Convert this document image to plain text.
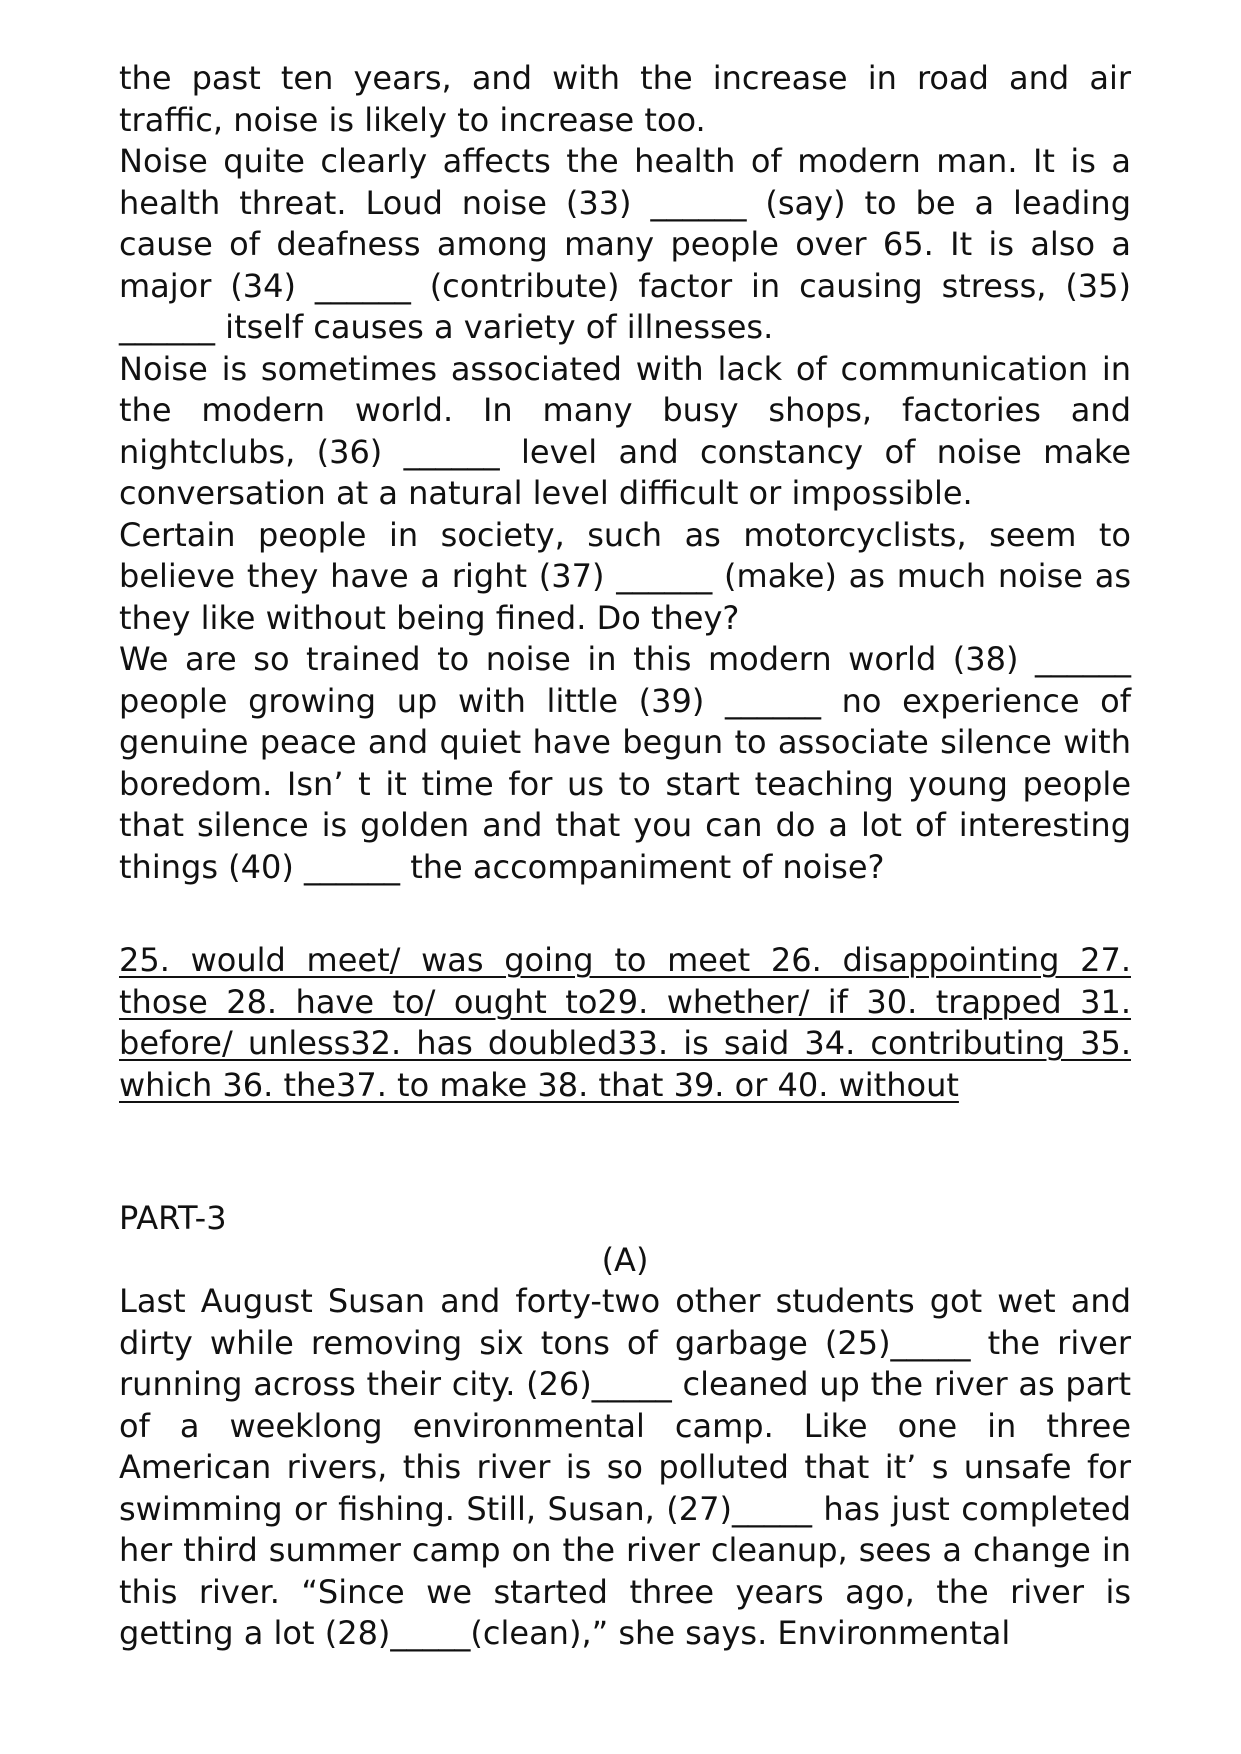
the past ten years, and with the increase in road and air traffic, noise is likely to increase too.

Noise quite clearly affects the health of modern man. It is a health threat. Loud noise (33) ______ (say) to be a leading cause of deafness among many people over 65. It is also a major (34) ______ (contribute) factor in causing stress, (35) ______ itself causes a variety of illnesses.

Noise is sometimes associated with lack of communication in the modern world. In many busy shops, factories and nightclubs, (36) ______ level and constancy of noise make conversation at a natural level difficult or impossible.

Certain people in society, such as motorcyclists, seem to believe they have a right (37) ______ (make) as much noise as they like without being fined. Do they?

We are so trained to noise in this modern world (38) ______ people growing up with little (39) ______ no experience of genuine peace and quiet have begun to associate silence with boredom. Isn’ t it time for us to start teaching young people that silence is golden and that you can do a lot of interesting things (40) ______ the accompaniment of noise?

25. would meet/ was going to meet 26. disappointing 27. those 28. have to/ ought to29. whether/ if 30. trapped 31. before/ unless32. has doubled33. is said 34. contributing 35. which 36. the37. to make 38. that 39. or 40. without
PART-3
(A)

Last August Susan and forty-two other students got wet and dirty while removing six tons of garbage (25)_____ the river running across their city. (26)_____ cleaned up the river as part of a weeklong environmental camp. Like one in three American rivers, this river is so polluted that it’ s unsafe for swimming or fishing. Still, Susan, (27)_____ has just completed her third summer camp on the river cleanup, sees a change in this river. “Since we started three years ago, the river is getting a lot (28)_____(clean),” she says. Environmental
